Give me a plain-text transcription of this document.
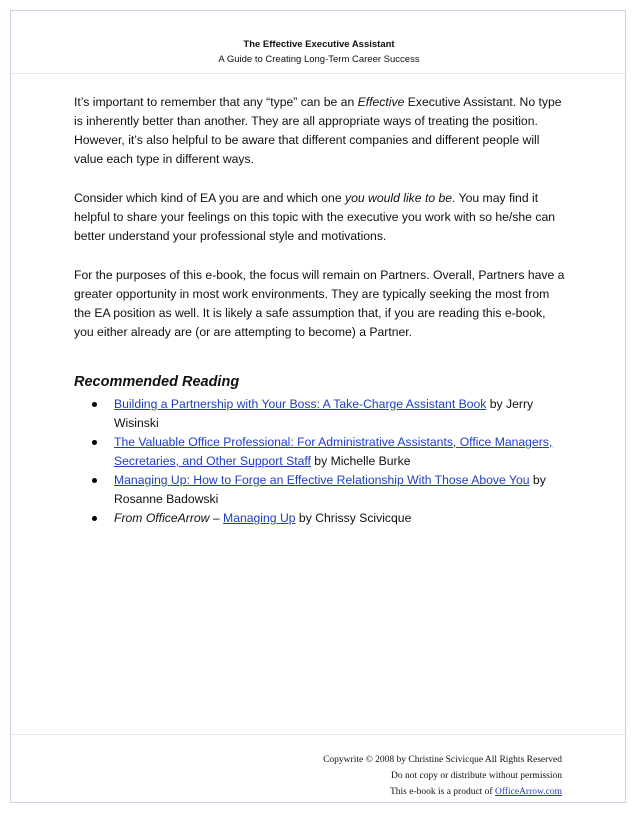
The Effective Executive Assistant
A Guide to Creating Long-Term Career Success

It’s important to remember that any “type” can be an Effective Executive Assistant. No type is inherently better than another. They are all appropriate ways of treating the position. However, it’s also helpful to be aware that different companies and different people will value each type in different ways.

Consider which kind of EA you are and which one you would like to be. You may find it helpful to share your feelings on this topic with the executive you work with so he/she can better understand your professional style and motivations.

For the purposes of this e-book, the focus will remain on Partners. Overall, Partners have a greater opportunity in most work environments. They are typically seeking the most from the EA position as well. It is likely a safe assumption that, if you are reading this e-book, you either already are (or are attempting to become) a Partner.

Recommended Reading
Building a Partnership with Your Boss: A Take-Charge Assistant Book by Jerry Wisinski
The Valuable Office Professional: For Administrative Assistants, Office Managers, Secretaries, and Other Support Staff by Michelle Burke
Managing Up: How to Forge an Effective Relationship With Those Above You by Rosanne Badowski
From OfficeArrow – Managing Up by Chrissy Scivicque
Copywrite © 2008 by Christine Scivicque All Rights Reserved
Do not copy or distribute without permission
This e-book is a product of OfficeArrow.com
